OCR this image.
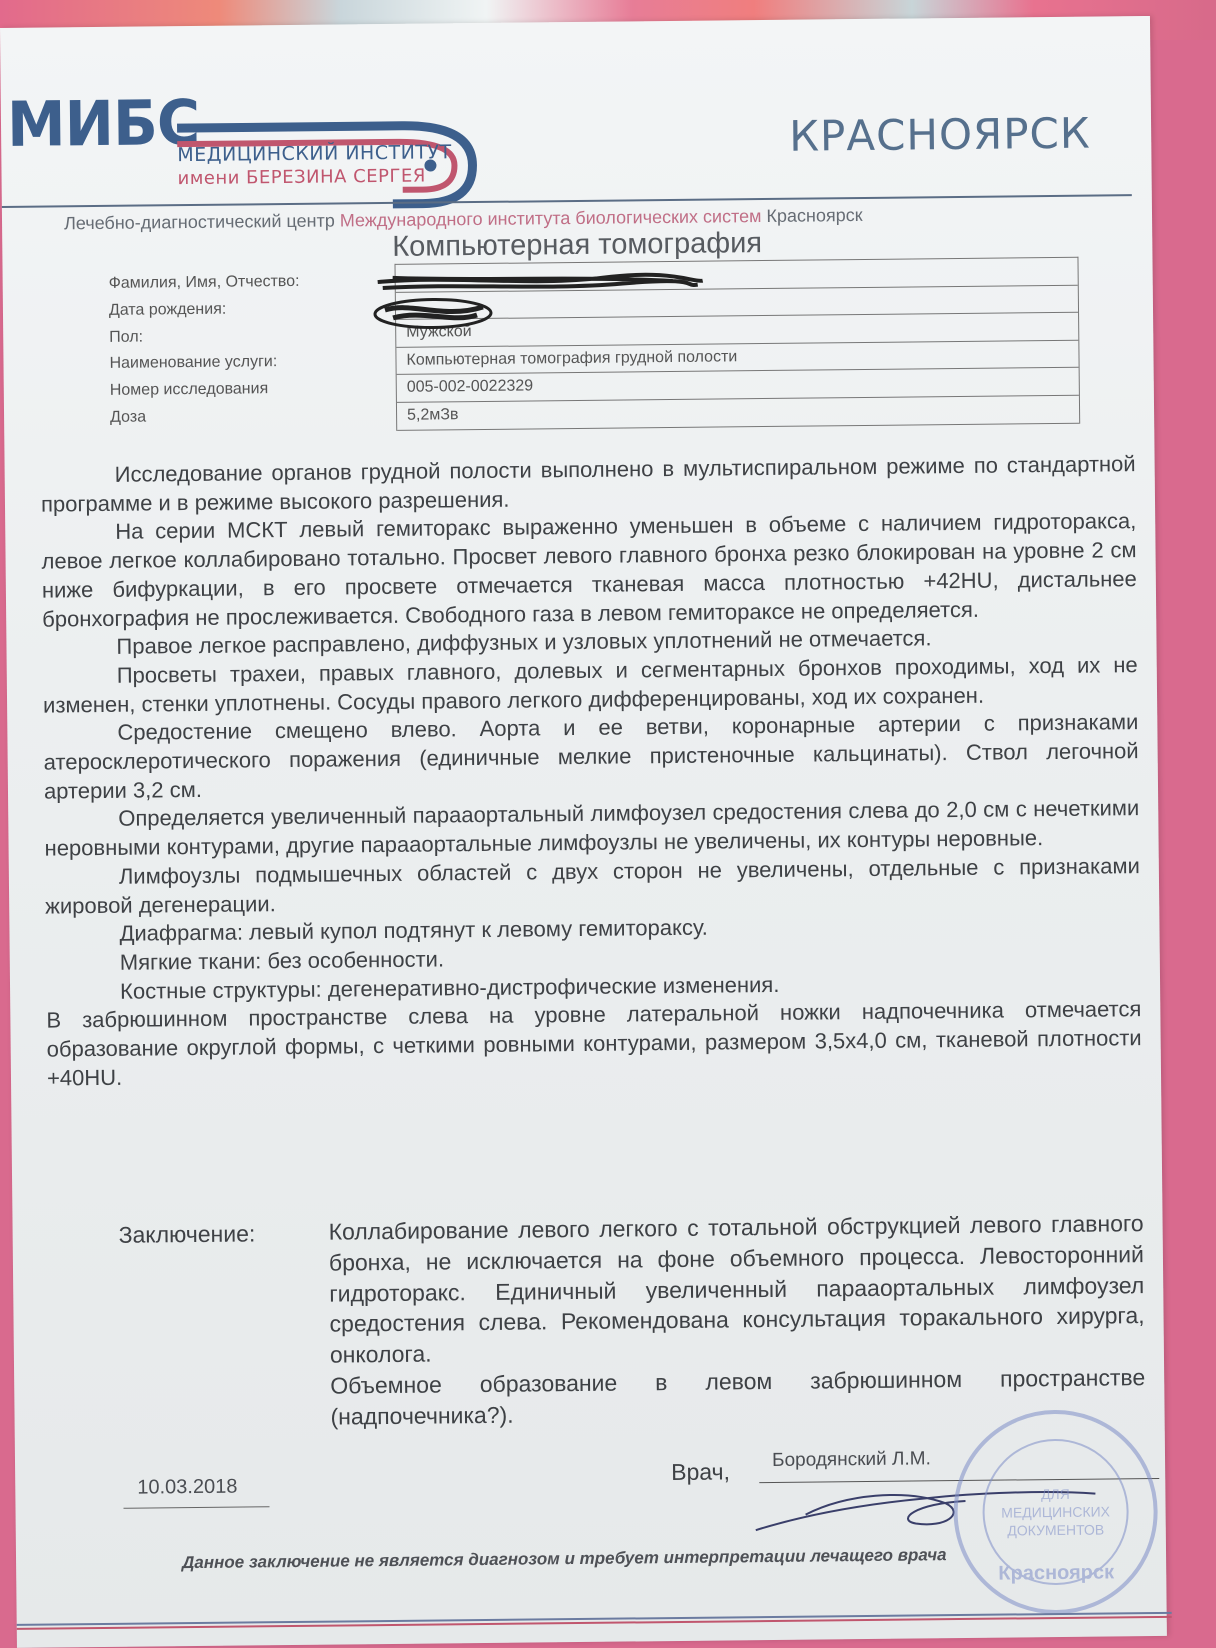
МИБС
МЕДИЦИНСКИЙ ИНСТИТУТ
имени БЕРЕЗИНА СЕРГЕЯ
КРАСНОЯРСК
Лечебно-диагностический центр Международного института биологических систем Красноярск
Компьютерная томография
Фамилия, Имя, Отчество:
Дата рождения:
Пол:
Наименование услуги:
Номер исследования
Доза
Мужской
Компьютерная томография грудной полости
005-002-0022329
5,2мЗв

Исследование органов грудной полости выполнено в мультиспиральном режиме по стандартной программе и в режиме высокого разрешения.

На серии МСКТ левый гемиторакс выраженно уменьшен в объеме с наличием гидроторакса, левое легкое коллабировано тотально. Просвет левого главного бронха резко блокирован на уровне 2 см ниже бифуркации, в его просвете отмечается тканевая масса плотностью +42HU, дистальнее бронхография не прослеживается. Свободного газа в левом гемитораксе не определяется.

Правое легкое расправлено, диффузных и узловых уплотнений не отмечается.

Просветы трахеи, правых главного, долевых и сегментарных бронхов проходимы, ход их не изменен, стенки уплотнены. Сосуды правого легкого дифференцированы, ход их сохранен.

Средостение смещено влево. Аорта и ее ветви, коронарные артерии с признаками атеросклеротического поражения (единичные мелкие пристеночные кальцинаты). Ствол легочной артерии 3,2 см.

Определяется увеличенный парааортальный лимфоузел средостения слева до 2,0 см с нечеткими неровными контурами, другие парааортальные лимфоузлы не увеличены, их контуры неровные.

Лимфоузлы подмышечных областей с двух сторон не увеличены, отдельные с признаками жировой дегенерации.

Диафрагма: левый купол подтянут к левому гемитораксу.

Мягкие ткани: без особенности.

Костные структуры: дегенеративно-дистрофические изменения.

В забрюшинном пространстве слева на уровне латеральной ножки надпочечника отмечается образование округлой формы, с четкими ровными контурами, размером 3,5х4,0 см, тканевой плотности +40HU.

Заключение:	Коллабирование левого легкого с тотальной обструкцией левого главного бронха, не исключается на фоне объемного процесса. Левосторонний гидроторакс. Единичный увеличенный парааортальных лимфоузел средостения слева. Рекомендована консультация торакального хирурга, онколога.

Объемное образование в левом забрюшинном пространстве (надпочечника?).

10.03.2018
Врач, Бородянский Л.М.
ДЛЯ
МЕДИЦИНСКИХ
ДОКУМЕНТОВ
Красноярск
Данное заключение не является диагнозом и требует интерпретации лечащего врача
